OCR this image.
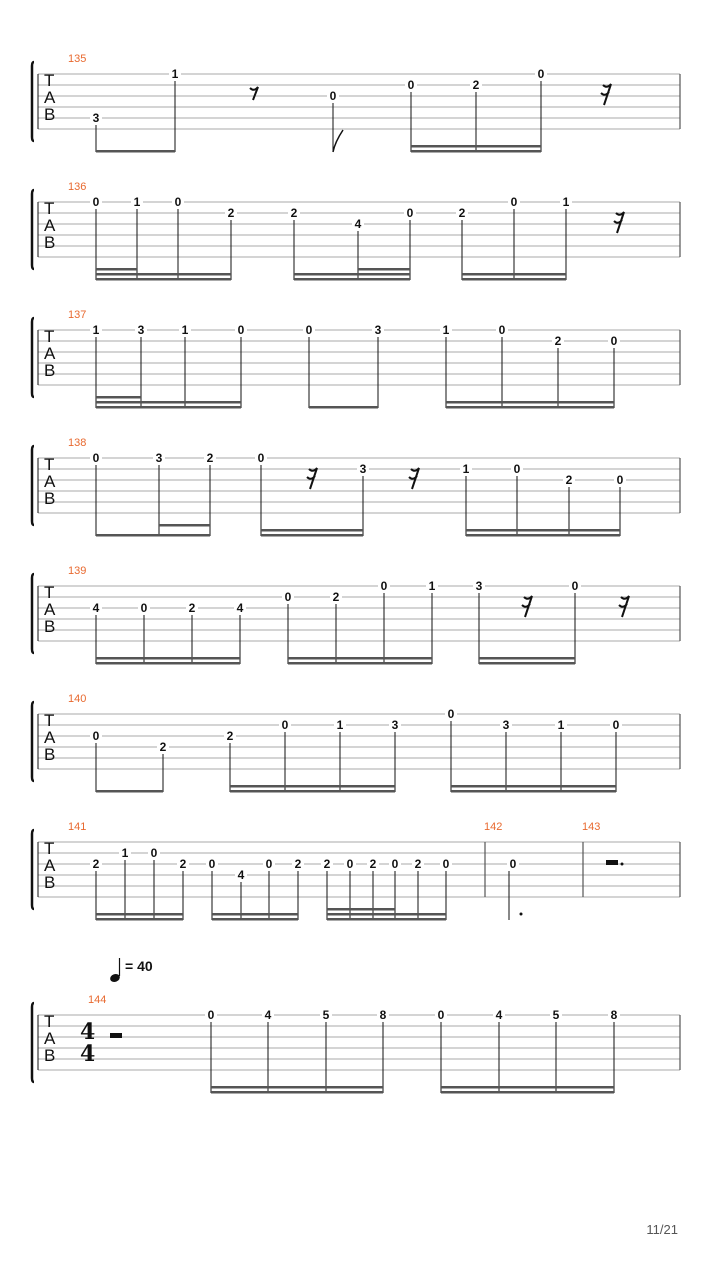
T
A
B
135
3
1
0
0	2
0
T
A
B
136
0	1	0
2	2
4
0	2
0	1
T
A
B
137
1	3	1	0	0	3	1	0
2	0
T
A
B
138
0	3	2	0
3	1	0
2	0
T
A
B
139
4	0	2	4
0	2
0	1	3	0
T
A
B
140
0
2
2
0	1	3
0
3	1	0
T
A
B
141	142	143
2
1 0
2 0
4
0 2 2 0 2 0 2 0	0
T
A
B
144
0	4	5	8	0	4	5	8
4
4
= 40
11/21
